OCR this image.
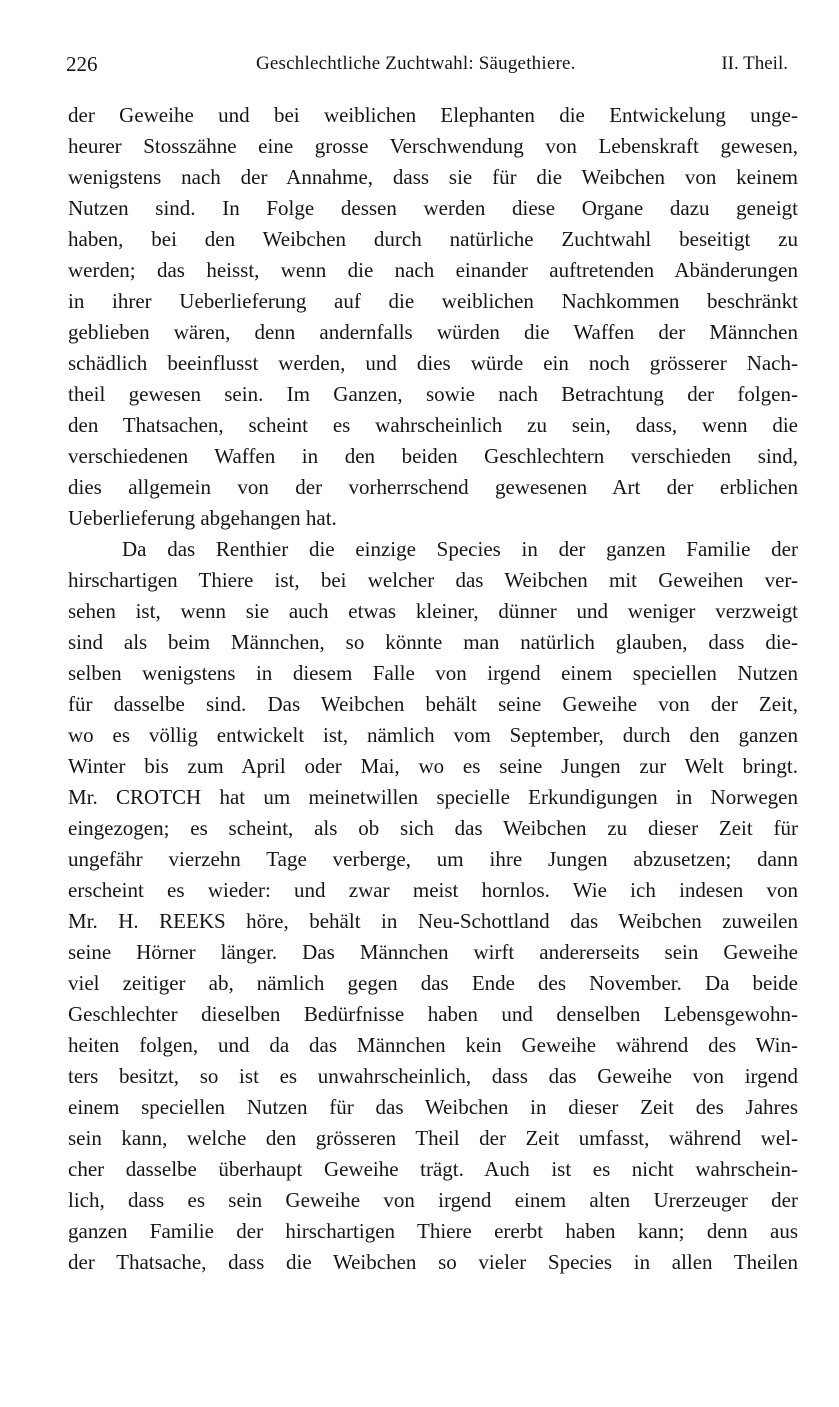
226	Geschlechtliche Zuchtwahl: Säugethiere.	II. Theil.
der Geweihe und bei weiblichen Elephanten die Entwickelung unge-
heurer Stosszähne eine grosse Verschwendung von Lebenskraft gewesen,
wenigstens nach der Annahme, dass sie für die Weibchen von keinem
Nutzen sind. In Folge dessen werden diese Organe dazu geneigt
haben, bei den Weibchen durch natürliche Zuchtwahl beseitigt zu
werden; das heisst, wenn die nach einander auftretenden Abänderungen
in ihrer Ueberlieferung auf die weiblichen Nachkommen beschränkt
geblieben wären, denn andernfalls würden die Waffen der Männchen
schädlich beeinflusst werden, und dies würde ein noch grösserer Nach-
theil gewesen sein. Im Ganzen, sowie nach Betrachtung der folgen-
den Thatsachen, scheint es wahrscheinlich zu sein, dass, wenn die
verschiedenen Waffen in den beiden Geschlechtern verschieden sind,
dies allgemein von der vorherrschend gewesenen Art der erblichen
Ueberlieferung abgehangen hat.
Da das Renthier die einzige Species in der ganzen Familie der
hirschartigen Thiere ist, bei welcher das Weibchen mit Geweihen ver-
sehen ist, wenn sie auch etwas kleiner, dünner und weniger verzweigt
sind als beim Männchen, so könnte man natürlich glauben, dass die-
selben wenigstens in diesem Falle von irgend einem speciellen Nutzen
für dasselbe sind. Das Weibchen behält seine Geweihe von der Zeit,
wo es völlig entwickelt ist, nämlich vom September, durch den ganzen
Winter bis zum April oder Mai, wo es seine Jungen zur Welt bringt.
Mr. CROTCH hat um meinetwillen specielle Erkundigungen in Norwegen
eingezogen; es scheint, als ob sich das Weibchen zu dieser Zeit für
ungefähr vierzehn Tage verberge, um ihre Jungen abzusetzen; dann
erscheint es wieder: und zwar meist hornlos. Wie ich indesen von
Mr. H. REEKS höre, behält in Neu-Schottland das Weibchen zuweilen
seine Hörner länger. Das Männchen wirft andererseits sein Geweihe
viel zeitiger ab, nämlich gegen das Ende des November. Da beide
Geschlechter dieselben Bedürfnisse haben und denselben Lebensgewohn-
heiten folgen, und da das Männchen kein Geweihe während des Win-
ters besitzt, so ist es unwahrscheinlich, dass das Geweihe von irgend
einem speciellen Nutzen für das Weibchen in dieser Zeit des Jahres
sein kann, welche den grösseren Theil der Zeit umfasst, während wel-
cher dasselbe überhaupt Geweihe trägt. Auch ist es nicht wahrschein-
lich, dass es sein Geweihe von irgend einem alten Urerzeuger der
ganzen Familie der hirschartigen Thiere ererbt haben kann; denn aus
der Thatsache, dass die Weibchen so vieler Species in allen Theilen
